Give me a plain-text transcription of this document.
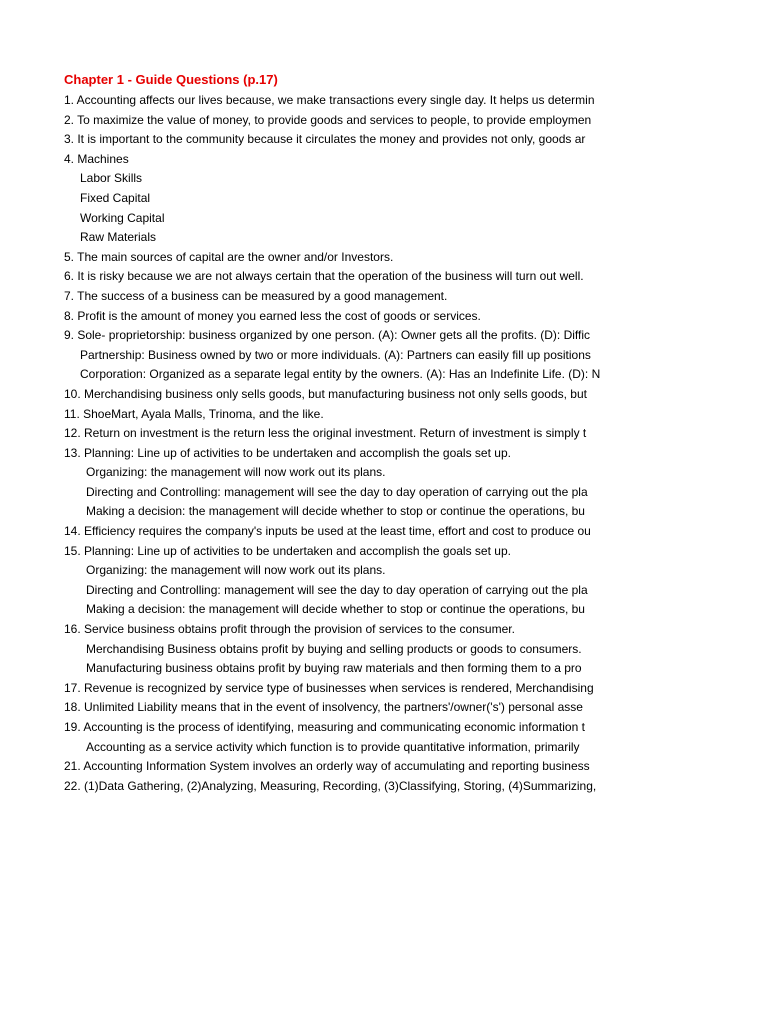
Chapter 1 - Guide Questions (p.17)
1. Accounting affects our lives because, we make transactions every single day. It helps us determin
2. To maximize the value of money, to provide goods and services to people, to provide employmen
3. It is important to the community because it circulates the money and provides not only, goods ar
4. Machines
Labor Skills
Fixed Capital
Working Capital
Raw Materials
5. The main sources of capital are the owner and/or Investors.
6. It is risky because we are not always certain that the operation of the business will turn out well.
7. The success of a business can be measured by a good management.
8. Profit is the amount of money you earned less the cost of goods or services.
9. Sole- proprietorship: business organized by one person. (A): Owner gets all the profits. (D): Diffic
Partnership: Business owned by two or more individuals. (A): Partners can easily fill up positions
Corporation: Organized as a separate legal entity by the owners. (A): Has an Indefinite Life. (D): N
10. Merchandising business only sells goods, but manufacturing business not only sells goods, but
11. ShoeMart, Ayala Malls, Trinoma, and the like.
12. Return on investment is the return less the original investment. Return of investment is simply t
13. Planning: Line up of activities to be undertaken and accomplish the goals set up.
Organizing: the management will now work out its plans.
Directing and Controlling: management will see the day to day operation of carrying out the pla
Making a decision: the management will decide whether to stop or continue the operations, bu
14. Efficiency requires the company's inputs be used at the least time, effort and cost to produce ou
15. Planning: Line up of activities to be undertaken and accomplish the goals set up.
Organizing: the management will now work out its plans.
Directing and Controlling: management will see the day to day operation of carrying out the pla
Making a decision: the management will decide whether to stop or continue the operations, bu
16. Service business obtains profit through the provision of services to the consumer.
Merchandising Business obtains profit by buying and selling products or goods to consumers.
Manufacturing business obtains profit by buying raw materials and then forming them to a pro
17. Revenue is recognized by service type of businesses when services is rendered, Merchandising
18. Unlimited Liability means that in the event of insolvency, the partners'/owner('s') personal asse
19. Accounting is the process of identifying, measuring and communicating economic information t
Accounting as a service activity which function is to provide quantitative information, primarily
21. Accounting Information System involves an orderly way of accumulating and reporting business
22. (1)Data Gathering, (2)Analyzing, Measuring, Recording, (3)Classifying, Storing, (4)Summarizing,
